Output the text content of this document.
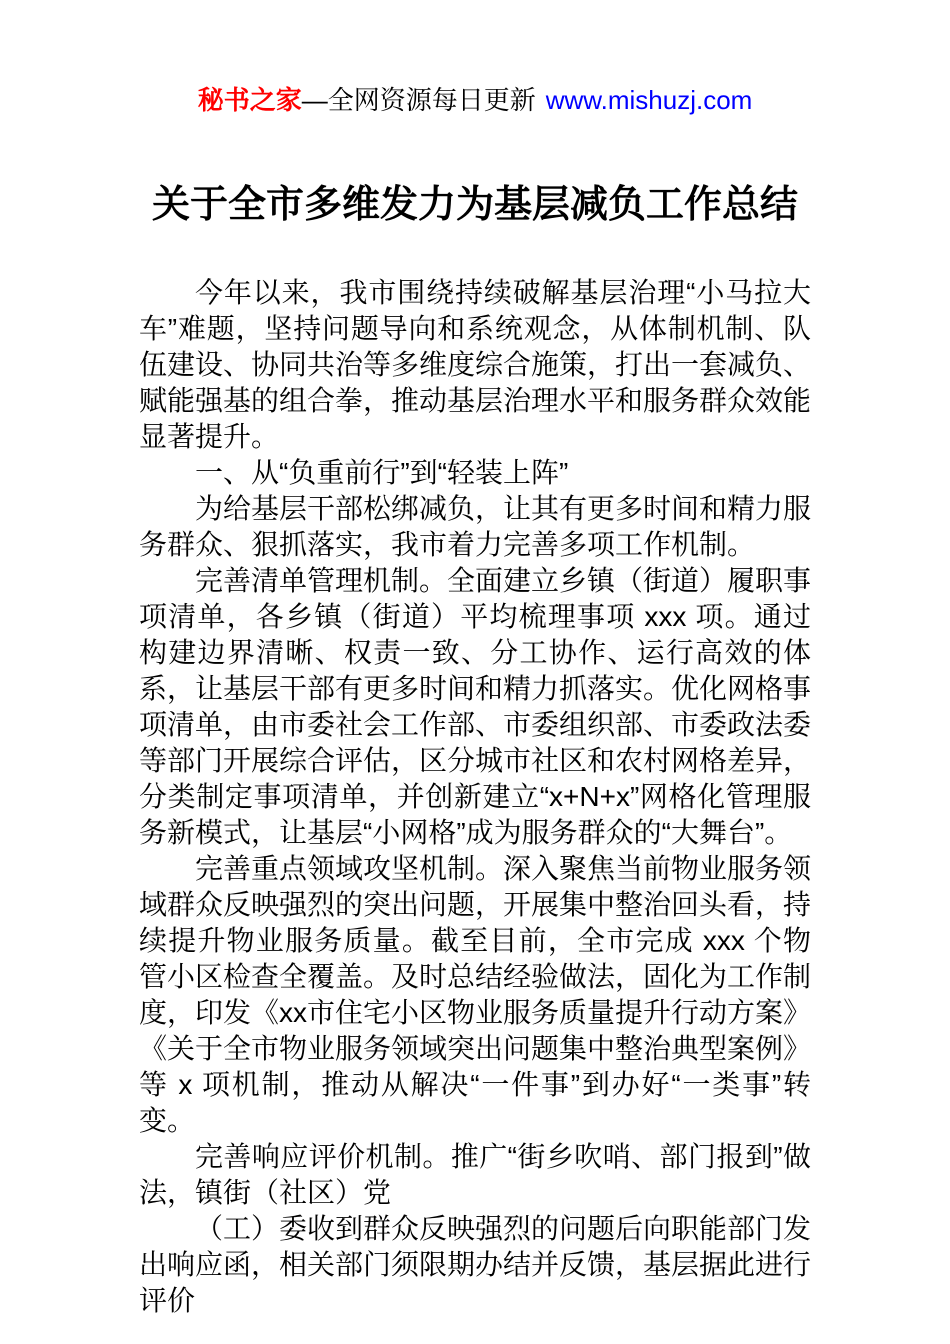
秘书之家—全网资源每日更新 www.mishuzj.com
关于全市多维发力为基层减负工作总结

今年以来，我市围绕持续破解基层治理“小马拉大车”难题，坚持问题导向和系统观念，从体制机制、队伍建设、协同共治等多维度综合施策，打出一套减负、赋能强基的组合拳，推动基层治理水平和服务群众效能显著提升。

一、从“负重前行”到“轻装上阵”

为给基层干部松绑减负，让其有更多时间和精力服务群众、狠抓落实，我市着力完善多项工作机制。

完善清单管理机制。全面建立乡镇（街道）履职事项清单，各乡镇（街道）平均梳理事项 xxx 项。通过构建边界清晰、权责一致、分工协作、运行高效的体系，让基层干部有更多时间和精力抓落实。优化网格事项清单，由市委社会工作部、市委组织部、市委政法委等部门开展综合评估，区分城市社区和农村网格差异，分类制定事项清单，并创新建立“x+N+x”网格化管理服务新模式，让基层“小网格”成为服务群众的“大舞台”。

完善重点领域攻坚机制。深入聚焦当前物业服务领域群众反映强烈的突出问题，开展集中整治回头看，持续提升物业服务质量。截至目前，全市完成 xxx 个物管小区检查全覆盖。及时总结经验做法，固化为工作制度，印发《xx市住宅小区物业服务质量提升行动方案》《关于全市物业服务领域突出问题集中整治典型案例》等 x 项机制，推动从解决“一件事”到办好“一类事”转变。

完善响应评价机制。推广“街乡吹哨、部门报到”做法，镇街（社区）党

（工）委收到群众反映强烈的问题后向职能部门发出响应函，相关部门须限期办结并反馈，基层据此进行评价
